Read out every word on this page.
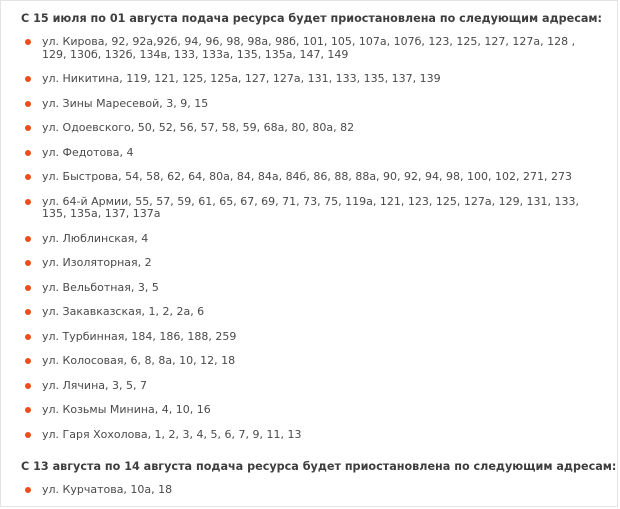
С 15 июля по 01 августа подача ресурса будет приостановлена по следующим адресам:
ул. Кирова, 92, 92а,92б, 94, 96, 98, 98а, 98б, 101, 105, 107а, 107б, 123, 125, 127, 127а, 128 , 129, 130б, 132б, 134в, 133, 133а, 135, 135а, 147, 149
ул. Никитина, 119, 121, 125, 125а, 127, 127а, 131, 133, 135, 137, 139
ул. Зины Маресевой, 3, 9, 15
ул. Одоевского, 50, 52, 56, 57, 58, 59, 68а, 80, 80а, 82
ул. Федотова, 4
ул. Быстрова, 54, 58, 62, 64, 80а, 84, 84а, 84б, 86, 88, 88а, 90, 92, 94, 98, 100, 102, 271, 273
ул. 64-й Армии, 55, 57, 59, 61, 65, 67, 69, 71, 73, 75, 119а, 121, 123, 125, 127а, 129, 131, 133, 135, 135а, 137, 137а
ул. Люблинская, 4
ул. Изоляторная, 2
ул. Вельботная, 3, 5
ул. Закавказская, 1, 2, 2а, 6
ул. Турбинная, 184, 186, 188, 259
ул. Колосовая, 6, 8, 8а, 10, 12, 18
ул. Лячина, 3, 5, 7
ул. Козьмы Минина, 4, 10, 16
ул. Гаря Хохолова, 1, 2, 3, 4, 5, 6, 7, 9, 11, 13
С 13 августа по 14 августа подача ресурса будет приостановлена по следующим адресам:
ул. Курчатова, 10а, 18
